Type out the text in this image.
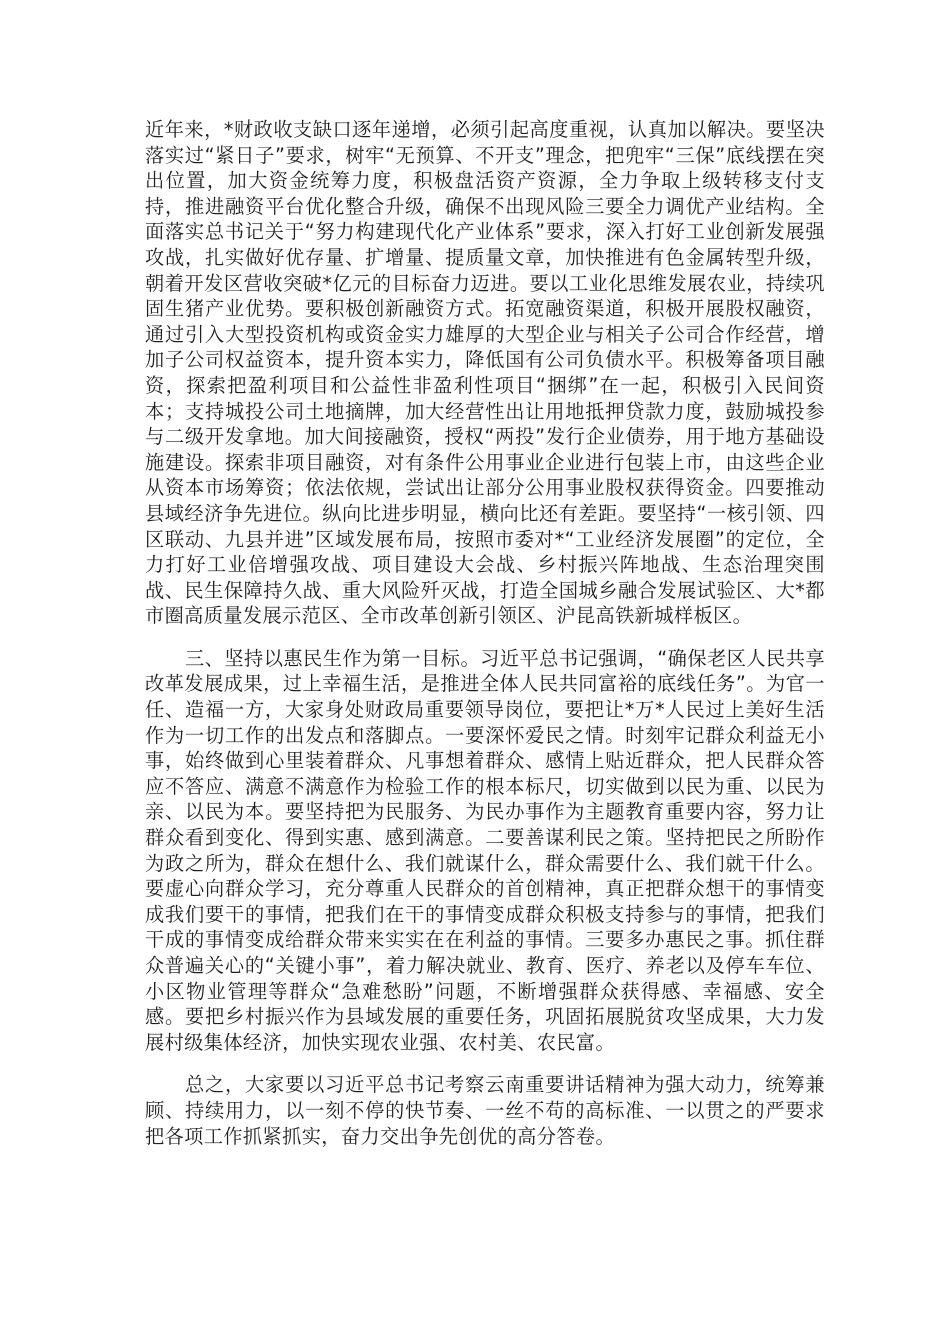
近年来，*财政收支缺口逐年递增，必须引起高度重视，认真加以解决。要坚决落实过“紧日子”要求，树牢“无预算、不开支”理念，把兜牢“三保”底线摆在突出位置，加大资金统筹力度，积极盘活资产资源，全力争取上级转移支付支持，推进融资平台优化整合升级，确保不出现风险三要全力调优产业结构。全面落实总书记关于“努力构建现代化产业体系”要求，深入打好工业创新发展强攻战，扎实做好优存量、扩增量、提质量文章，加快推进有色金属转型升级，朝着开发区营收突破*亿元的目标奋力迈进。要以工业化思维发展农业，持续巩固生猪产业优势。要积极创新融资方式。拓宽融资渠道，积极开展股权融资，通过引入大型投资机构或资金实力雄厚的大型企业与相关子公司合作经营，增加子公司权益资本，提升资本实力，降低国有公司负债水平。积极筹备项目融资，探索把盈利项目和公益性非盈利性项目“捆绑”在一起，积极引入民间资本；支持城投公司土地摘牌，加大经营性出让用地抵押贷款力度，鼓励城投参与二级开发拿地。加大间接融资，授权“两投”发行企业债券，用于地方基础设施建设。探索非项目融资，对有条件公用事业企业进行包装上市，由这些企业从资本市场筹资；依法依规，尝试出让部分公用事业股权获得资金。四要推动县域经济争先进位。纵向比进步明显，横向比还有差距。要坚持“一核引领、四区联动、九县并进”区域发展布局，按照市委对*“工业经济发展圈”的定位，全力打好工业倍增强攻战、项目建设大会战、乡村振兴阵地战、生态治理突围战、民生保障持久战、重大风险歼灭战，打造全国城乡融合发展试验区、大*都市圈高质量发展示范区、全市改革创新引领区、沪昆高铁新城样板区。

三、坚持以惠民生作为第一目标。习近平总书记强调，“确保老区人民共享改革发展成果，过上幸福生活，是推进全体人民共同富裕的底线任务”。为官一任、造福一方，大家身处财政局重要领导岗位，要把让*万*人民过上美好生活作为一切工作的出发点和落脚点。一要深怀爱民之情。时刻牢记群众利益无小事，始终做到心里装着群众、凡事想着群众、感情上贴近群众，把人民群众答应不答应、满意不满意作为检验工作的根本标尺，切实做到以民为重、以民为亲、以民为本。要坚持把为民服务、为民办事作为主题教育重要内容，努力让群众看到变化、得到实惠、感到满意。二要善谋利民之策。坚持把民之所盼作为政之所为，群众在想什么、我们就谋什么，群众需要什么、我们就干什么。要虚心向群众学习，充分尊重人民群众的首创精神，真正把群众想干的事情变成我们要干的事情，把我们在干的事情变成群众积极支持参与的事情，把我们干成的事情变成给群众带来实实在在利益的事情。三要多办惠民之事。抓住群众普遍关心的“关键小事”，着力解决就业、教育、医疗、养老以及停车车位、小区物业管理等群众“急难愁盼”问题，不断增强群众获得感、幸福感、安全感。要把乡村振兴作为县域发展的重要任务，巩固拓展脱贫攻坚成果，大力发展村级集体经济，加快实现农业强、农村美、农民富。

总之，大家要以习近平总书记考察云南重要讲话精神为强大动力，统筹兼顾、持续用力，以一刻不停的快节奏、一丝不苟的高标准、一以贯之的严要求把各项工作抓紧抓实，奋力交出争先创优的高分答卷。
